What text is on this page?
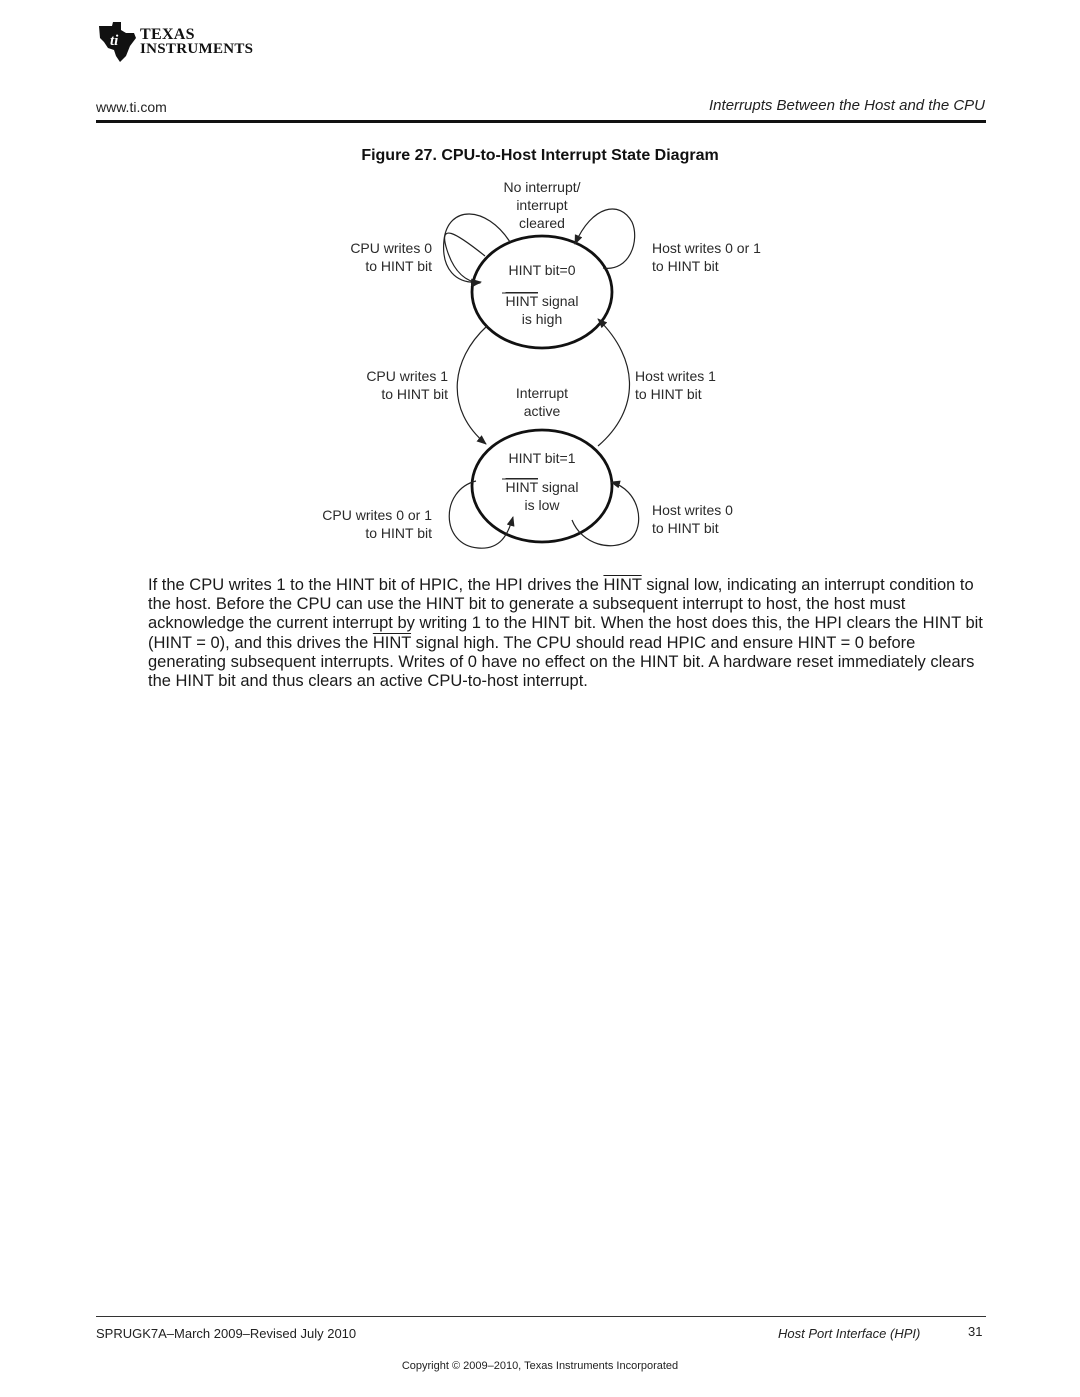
ti TEXAS
INSTRUMENTS
www.ti.com	Interrupts Between the Host and the CPU
Figure 27. CPU-to-Host Interrupt State Diagram
No interrupt/
interrupt
cleared
HINT bit=0
HINT signal
is high
Interrupt
active
HINT bit=1
HINT signal
is low
CPU writes 0
to HINT bit
Host writes 0 or 1
to HINT bit
CPU writes 1
to HINT bit
Host writes 1
to HINT bit
CPU writes 0 or 1
to HINT bit
Host writes 0
to HINT bit

If the CPU writes 1 to the HINT bit of HPIC, the HPI drives the HINT signal low, indicating an interrupt condition to the host. Before the CPU can use the HINT bit to generate a subsequent interrupt to host, the host must acknowledge the current interrupt by writing 1 to the HINT bit. When the host does this, the HPI clears the HINT bit (HINT = 0), and this drives the HINT signal high. The CPU should read HPIC and ensure HINT = 0 before generating subsequent interrupts. Writes of 0 have no effect on the HINT bit. A hardware reset immediately clears the HINT bit and thus clears an active CPU-to-host interrupt.

SPRUGK7A–March 2009–Revised July 2010	Host Port Interface (HPI)	31
Copyright © 2009–2010, Texas Instruments Incorporated
